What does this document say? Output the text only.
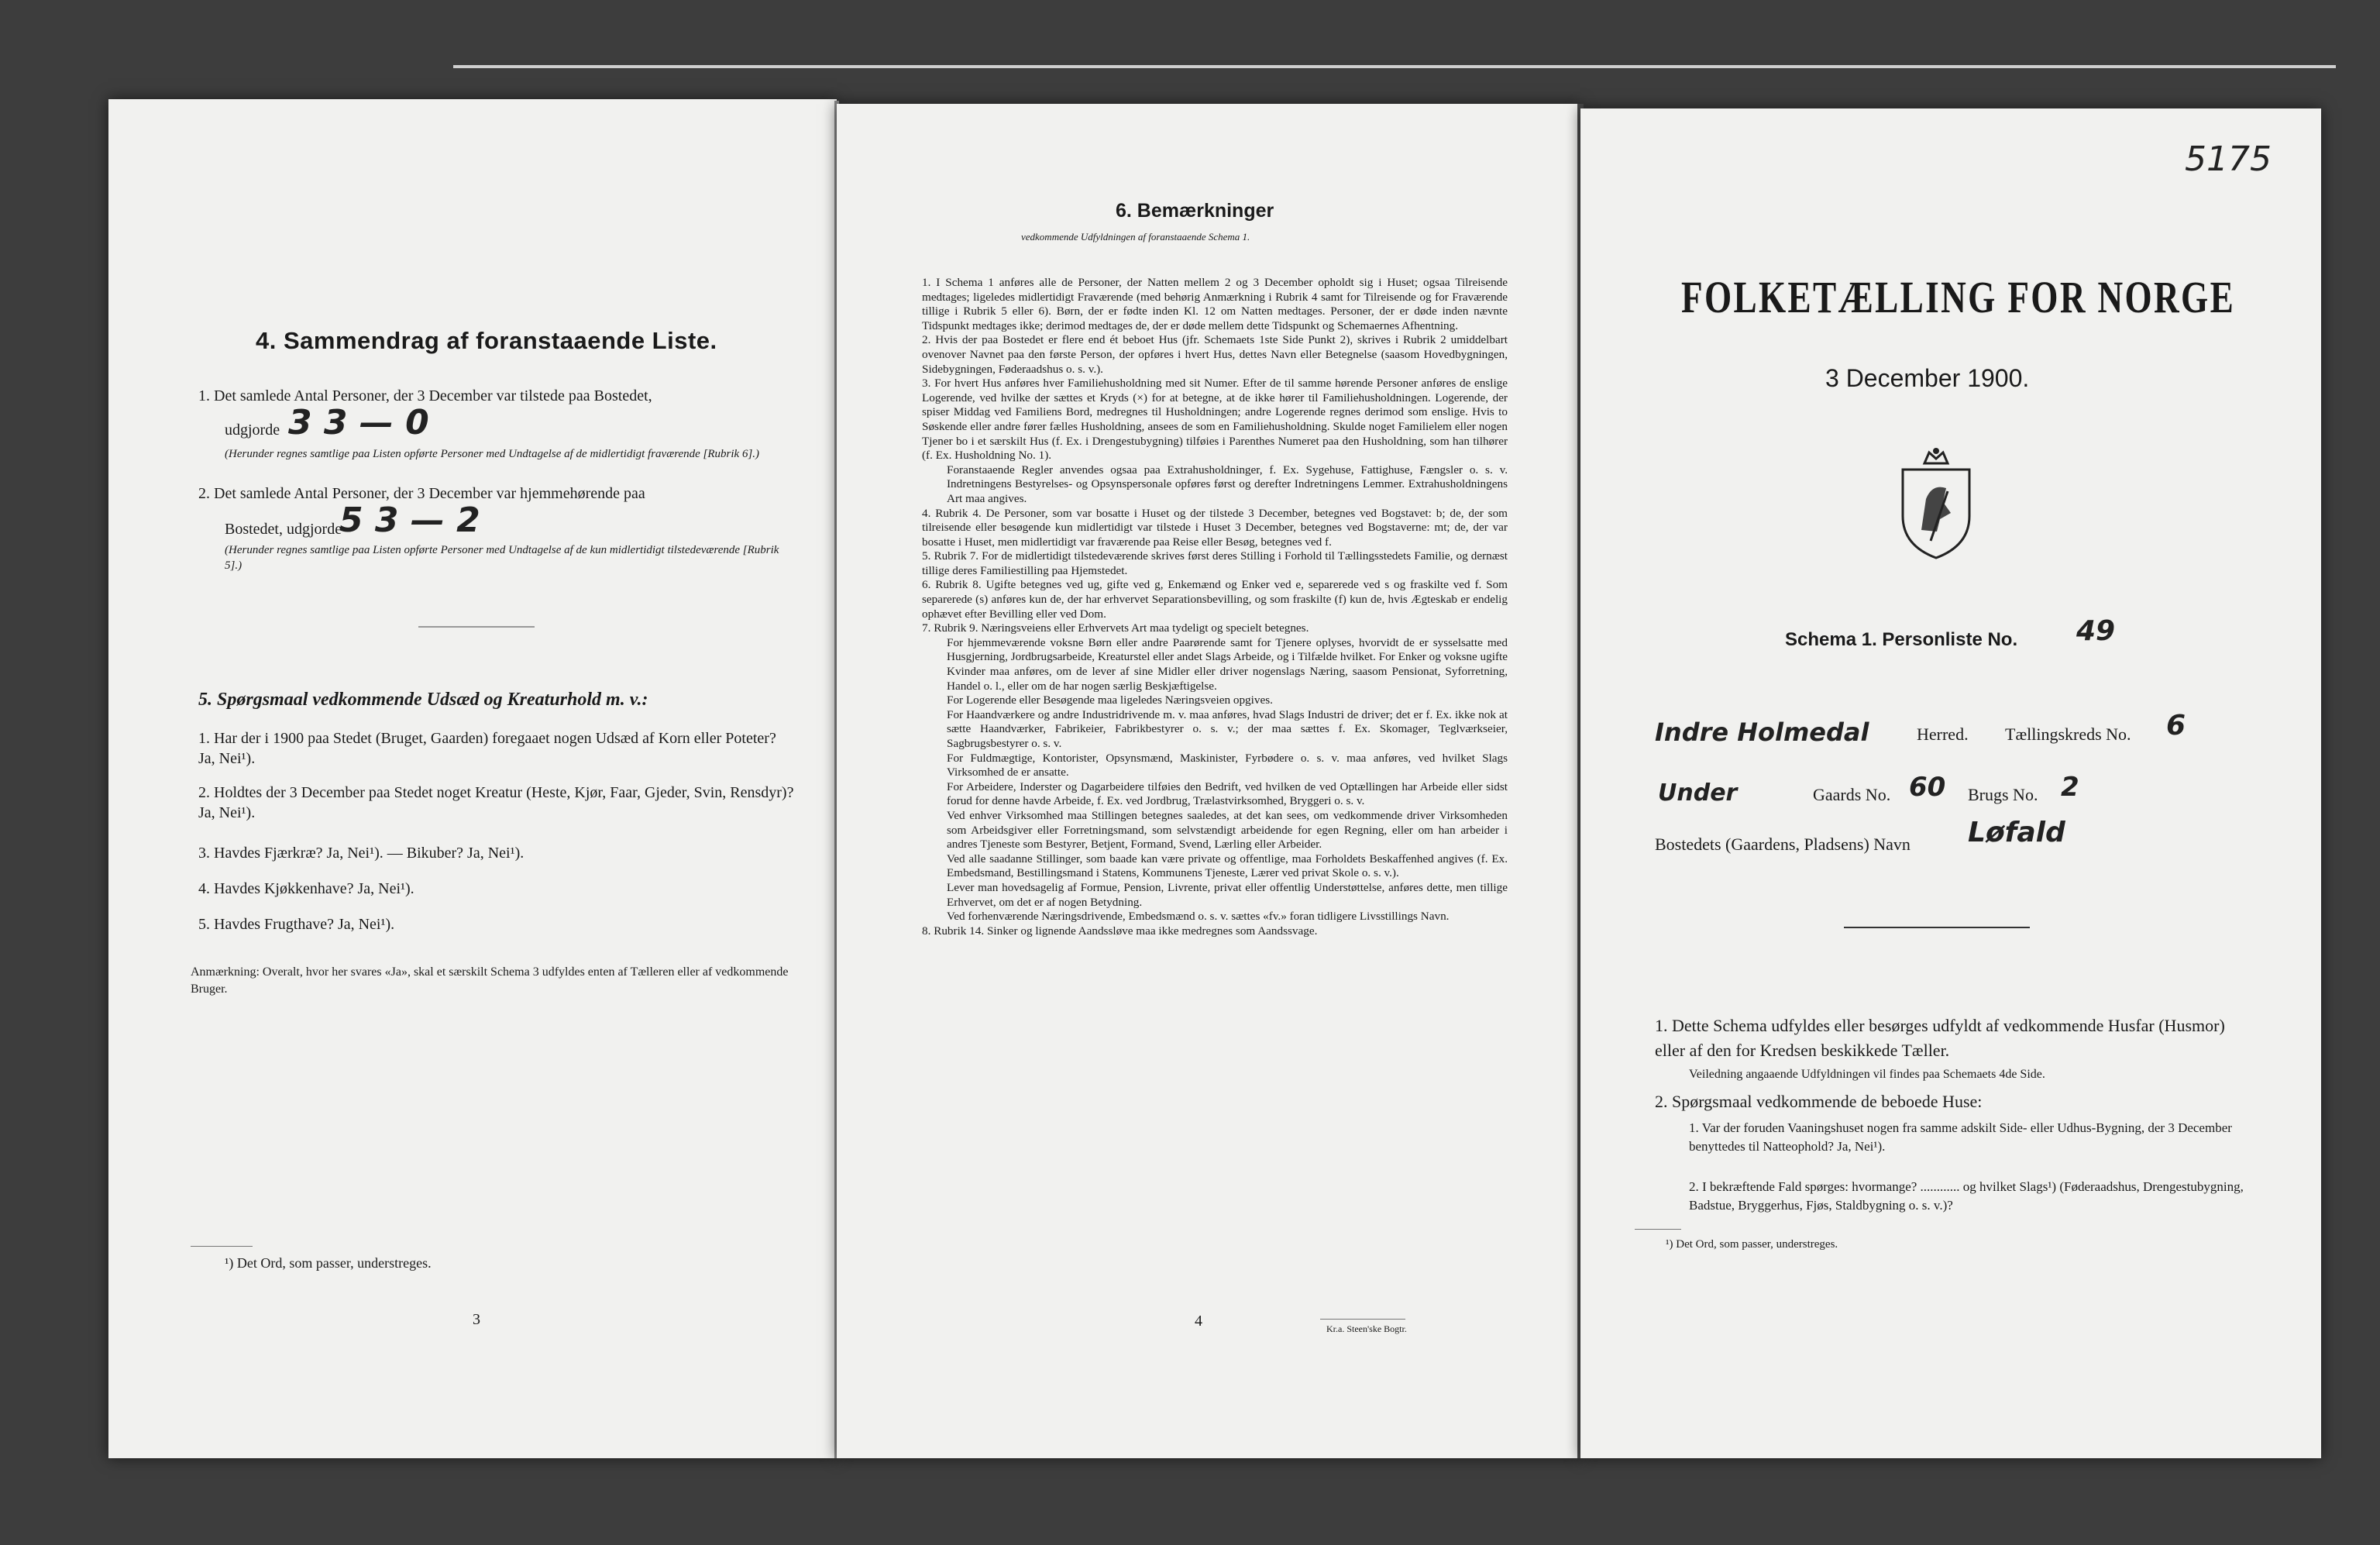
4. Sammendrag af foranstaaende Liste.
1. Det samlede Antal Personer, der 3 December var tilstede paa Bostedet,
udgjorde 3 3 — 0
(Herunder regnes samtlige paa Listen opførte Personer med Undtagelse af de midlertidigt fraværende [Rubrik 6].)
2. Det samlede Antal Personer, der 3 December var hjemmehørende paa
Bostedet, udgjorde
5 3 — 2
(Herunder regnes samtlige paa Listen opførte Personer med Undtagelse af de kun midlertidigt tilstedeværende [Rubrik 5].)
5. Spørgsmaal vedkommende Udsæd og Kreaturhold m. v.:
1. Har der i 1900 paa Stedet (Bruget, Gaarden) foregaaet nogen Udsæd af Korn eller Poteter? Ja, Nei¹).
2. Holdtes der 3 December paa Stedet noget Kreatur (Heste, Kjør, Faar, Gjeder, Svin, Rensdyr)? Ja, Nei¹).
3. Havdes Fjærkræ? Ja, Nei¹). — Bikuber? Ja, Nei¹).
4. Havdes Kjøkkenhave? Ja, Nei¹).
5. Havdes Frugthave? Ja, Nei¹).
Anmærkning: Overalt, hvor her svares «Ja», skal et særskilt Schema 3 udfyldes enten af Tælleren eller af vedkommende Bruger.
¹) Det Ord, som passer, understreges.
3
6. Bemærkninger
vedkommende Udfyldningen af foranstaaende Schema 1.
1. I Schema 1 anføres alle de Personer, der Natten mellem 2 og 3 December opholdt sig i Huset; ogsaa Tilreisende medtages; ligeledes midlertidigt Fraværende (med behørig Anmærkning i Rubrik 4 samt for Tilreisende og for Fraværende tillige i Rubrik 5 eller 6). Børn, der er fødte inden Kl. 12 om Natten medtages. Personer, der er døde inden nævnte Tidspunkt medtages ikke; derimod medtages de, der er døde mellem dette Tidspunkt og Schemaernes Afhentning.
2. Hvis der paa Bostedet er flere end ét beboet Hus (jfr. Schemaets 1ste Side Punkt 2), skrives i Rubrik 2 umiddelbart ovenover Navnet paa den første Person, der opføres i hvert Hus, dettes Navn eller Betegnelse (saasom Hovedbygningen, Sidebygningen, Føderaadshus o. s. v.).
3. For hvert Hus anføres hver Familiehusholdning med sit Numer. Efter de til samme hørende Personer anføres de enslige Logerende, ved hvilke der sættes et Kryds (×) for at betegne, at de ikke hører til Familiehusholdningen. Logerende, der spiser Middag ved Familiens Bord, medregnes til Husholdningen; andre Logerende regnes derimod som enslige. Hvis to Søskende eller andre fører fælles Husholdning, ansees de som en Familiehusholdning. Skulde noget Familielem eller nogen Tjener bo i et særskilt Hus (f. Ex. i Drengestubygning) tilføies i Parenthes Numeret paa den Husholdning, som han tilhører (f. Ex. Husholdning No. 1).
Foranstaaende Regler anvendes ogsaa paa Extrahusholdninger, f. Ex. Sygehuse, Fattighuse, Fængsler o. s. v. Indretningens Bestyrelses- og Opsynspersonale opføres først og derefter Indretningens Lemmer. Extrahusholdningens Art maa angives.
4. Rubrik 4. De Personer, som var bosatte i Huset og der tilstede 3 December, betegnes ved Bogstavet: b; de, der som tilreisende eller besøgende kun midlertidigt var tilstede i Huset 3 December, betegnes ved Bogstaverne: mt; de, der var bosatte i Huset, men midlertidigt var fraværende paa Reise eller Besøg, betegnes ved f.
5. Rubrik 7. For de midlertidigt tilstedeværende skrives først deres Stilling i Forhold til Tællingsstedets Familie, og dernæst tillige deres Familiestilling paa Hjemstedet.
6. Rubrik 8. Ugifte betegnes ved ug, gifte ved g, Enkemænd og Enker ved e, separerede ved s og fraskilte ved f. Som separerede (s) anføres kun de, der har erhvervet Separationsbevilling, og som fraskilte (f) kun de, hvis Ægteskab er endelig ophævet efter Bevilling eller ved Dom.
7. Rubrik 9. Næringsveiens eller Erhvervets Art maa tydeligt og specielt betegnes.
For hjemmeværende voksne Børn eller andre Paarørende samt for Tjenere oplyses, hvorvidt de er sysselsatte med Husgjerning, Jordbrugsarbeide, Kreaturstel eller andet Slags Arbeide, og i Tilfælde hvilket. For Enker og voksne ugifte Kvinder maa anføres, om de lever af sine Midler eller driver nogenslags Næring, saasom Pensionat, Syforretning, Handel o. l., eller om de har nogen særlig Beskjæftigelse.
For Logerende eller Besøgende maa ligeledes Næringsveien opgives.
For Haandværkere og andre Industridrivende m. v. maa anføres, hvad Slags Industri de driver; det er f. Ex. ikke nok at sætte Haandværker, Fabrikeier, Fabrikbestyrer o. s. v.; der maa sættes f. Ex. Skomager, Teglværkseier, Sagbrugsbestyrer o. s. v.
For Fuldmægtige, Kontorister, Opsynsmænd, Maskinister, Fyrbødere o. s. v. maa anføres, ved hvilket Slags Virksomhed de er ansatte.
For Arbeidere, Inderster og Dagarbeidere tilføies den Bedrift, ved hvilken de ved Optællingen har Arbeide eller sidst forud for denne havde Arbeide, f. Ex. ved Jordbrug, Trælastvirksomhed, Bryggeri o. s. v.
Ved enhver Virksomhed maa Stillingen betegnes saaledes, at det kan sees, om vedkommende driver Virksomheden som Arbeidsgiver eller Forretningsmand, som selvstændigt arbeidende for egen Regning, eller om han arbeider i andres Tjeneste som Bestyrer, Betjent, Formand, Svend, Lærling eller Arbeider.
Ved alle saadanne Stillinger, som baade kan være private og offentlige, maa Forholdets Beskaffenhed angives (f. Ex. Embedsmand, Bestillingsmand i Statens, Kommunens Tjeneste, Lærer ved privat Skole o. s. v.).
Lever man hovedsagelig af Formue, Pension, Livrente, privat eller offentlig Understøttelse, anføres dette, men tillige Erhvervet, om det er af nogen Betydning.
Ved forhenværende Næringsdrivende, Embedsmænd o. s. v. sættes «fv.» foran tidligere Livsstillings Navn.
8. Rubrik 14. Sinker og lignende Aandssløve maa ikke medregnes som Aandssvage.
4	Kr.a. Steen'ske Bogtr.
5175
FOLKETÆLLING FOR NORGE
3 December 1900.
Schema 1. Personliste No. 49
Indre Holmedal	Herred. Tællingskreds No. 6
Under	Gaards No. 60 Brugs No. 2
Bostedets (Gaardens, Pladsens) Navn Løfald
1. Dette Schema udfyldes eller besørges udfyldt af vedkommende Husfar (Husmor) eller af den for Kredsen beskikkede Tæller.
Veiledning angaaende Udfyldningen vil findes paa Schemaets 4de Side.
2. Spørgsmaal vedkommende de beboede Huse:
1. Var der foruden Vaaningshuset nogen fra samme adskilt Side- eller Udhus-Bygning, der 3 December benyttedes til Natteophold? Ja, Nei¹).
2. I bekræftende Fald spørges: hvormange? ............ og hvilket Slags¹) (Føderaadshus, Drengestubygning, Badstue, Bryggerhus, Fjøs, Staldbygning o. s. v.)?
¹) Det Ord, som passer, understreges.
